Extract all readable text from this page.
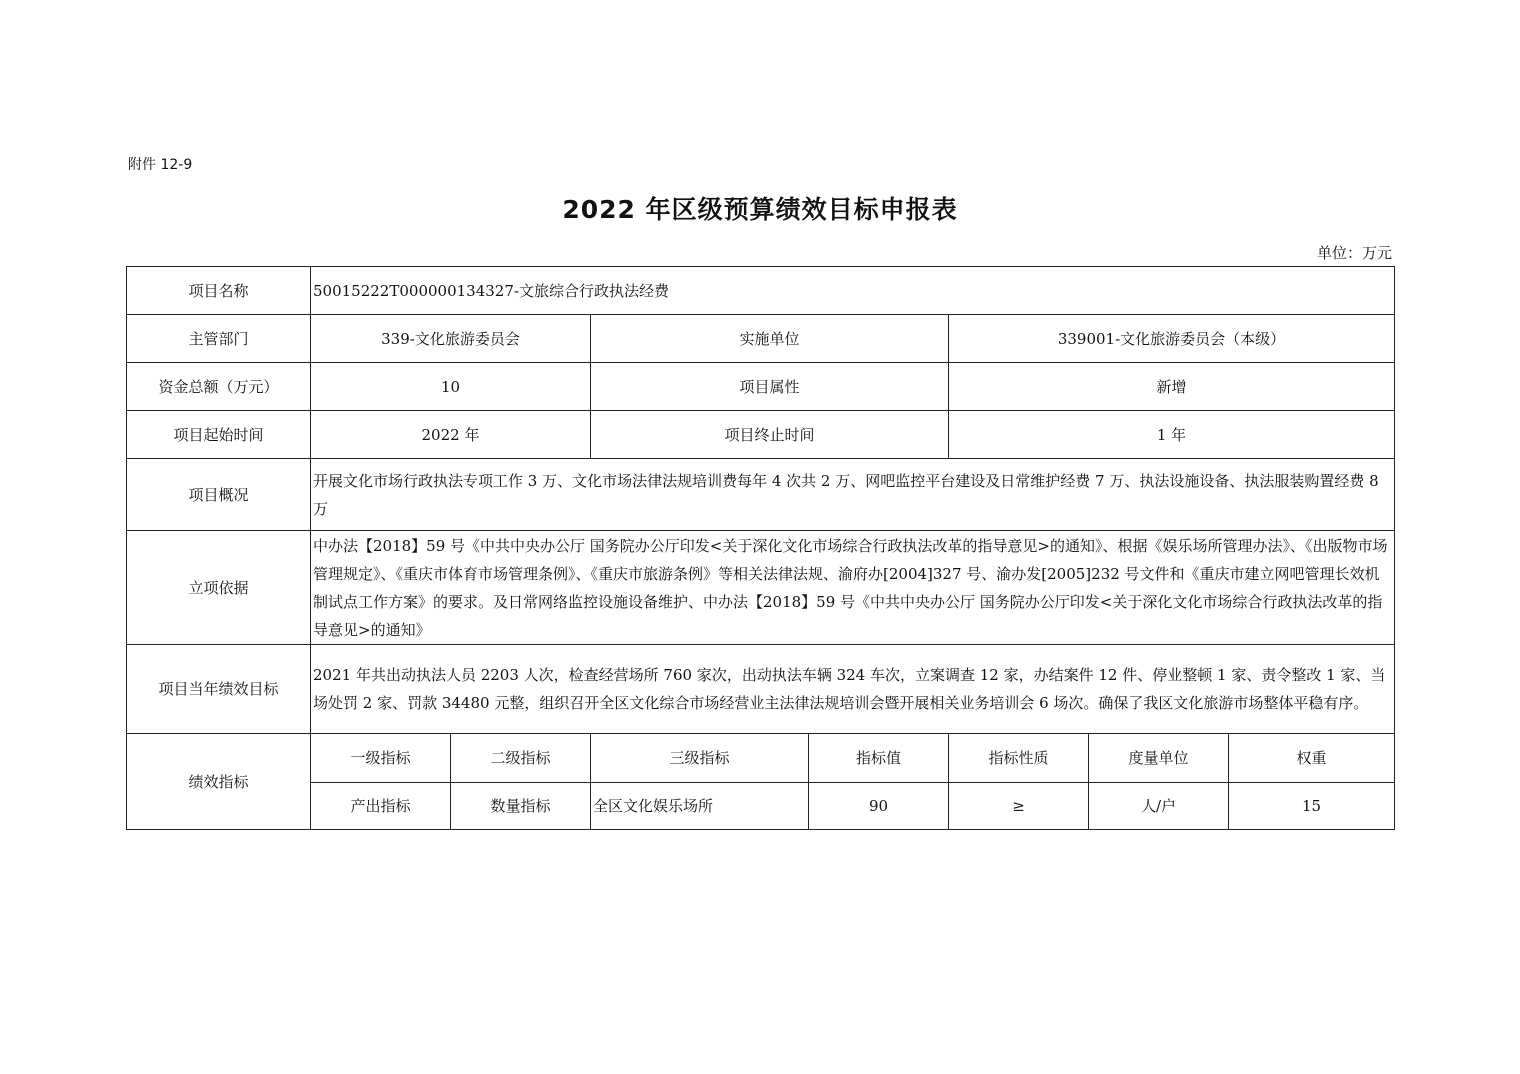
附件 12-9
2022 年区级预算绩效目标申报表
单位：万元
项目名称	50015222T000000134327-文旅综合行政执法经费						
主管部门	339-文化旅游委员会		实施单位		339001-文化旅游委员会（本级）		
资金总额（万元）	10		项目属性		新增		
项目起始时间	2022 年		项目终止时间		1 年		
项目概况	开展文化市场行政执法专项工作 3 万、文化市场法律法规培训费每年 4 次共 2 万、网吧监控平台建设及日常维护经费 7 万、执法设施设备、执法服装购置经费 8 万						
立项依据	中办法【2018】59 号《中共中央办公厅 国务院办公厅印发<关于深化文化市场综合行政执法改革的指导意见>的通知》、根据《娱乐场所管理办法》、《出版物市场管理规定》、《重庆市体育市场管理条例》、《重庆市旅游条例》等相关法律法规、渝府办[2004]327 号、渝办发[2005]232 号文件和《重庆市建立网吧管理长效机制试点工作方案》的要求。及日常网络监控设施设备维护、中办法【2018】59 号《中共中央办公厅 国务院办公厅印发<关于深化文化市场综合行政执法改革的指导意见>的通知》						
项目当年绩效目标	2021 年共出动执法人员 2203 人次，检查经营场所 760 家次，出动执法车辆 324 车次，立案调查 12 家，办结案件 12 件、停业整顿 1 家、责令整改 1 家、当场处罚 2 家、罚款 34480 元整，组织召开全区文化综合市场经营业主法律法规培训会暨开展相关业务培训会 6 场次。确保了我区文化旅游市场整体平稳有序。						
绩效指标	一级指标	二级指标	三级指标	指标值	指标性质	度量单位	权重
	产出指标	数量指标	全区文化娱乐场所	90	≥	人/户	15
